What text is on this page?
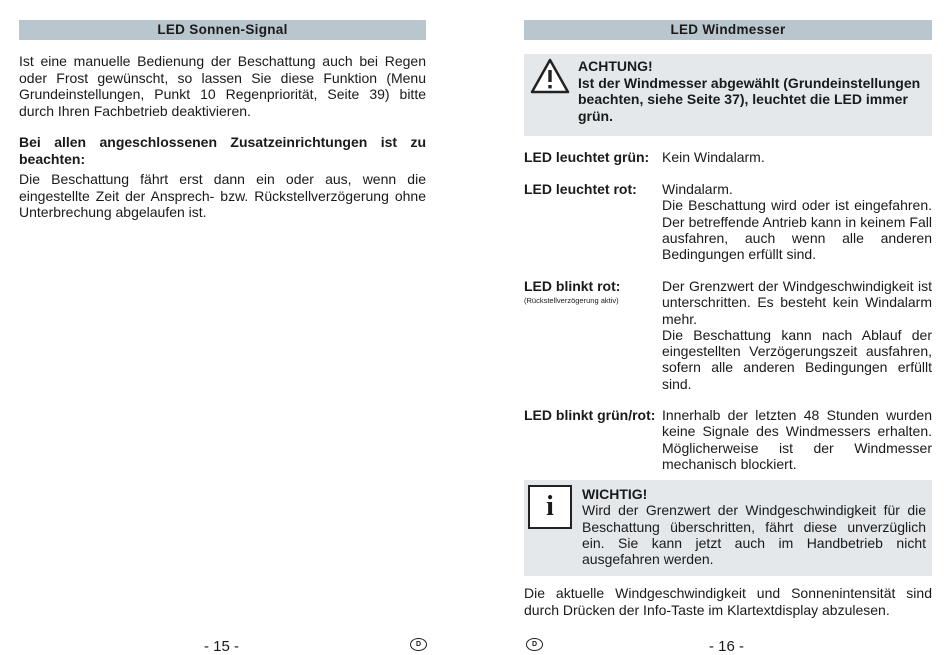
LED Sonnen-Signal

Ist eine manuelle Bedienung der Beschattung auch bei Regen oder Frost gewünscht, so lassen Sie diese Funktion (Menu Grundeinstellungen, Punkt 10 Regenpriorität, Seite 39) bitte durch Ihren Fachbetrieb deaktivieren.

Bei allen angeschlossenen Zusatzeinrichtungen ist zu beachten:

Die Beschattung fährt erst dann ein oder aus, wenn die eingestellte Zeit der Ansprech- bzw. Rückstellverzögerung ohne Unterbrechung abgelaufen ist.

- 15 -	D
LED Windmesser
ACHTUNG!
Ist der Windmesser abgewählt (Grundeinstellungen beachten, siehe Seite 37), leuchtet die LED immer grün.
LED leuchtet grün: Kein Windalarm.
LED leuchtet rot: Windalarm.
Die Beschattung wird oder ist eingefahren. Der betreffende Antrieb kann in keinem Fall ausfahren, auch wenn alle anderen Bedingungen erfüllt sind.
LED blinkt rot:
(Rückstellverzögerung aktiv)
Der Grenzwert der Windgeschwindigkeit ist unterschritten. Es besteht kein Windalarm mehr.
Die Beschattung kann nach Ablauf der eingestellten Verzögerungszeit ausfahren, sofern alle anderen Bedingungen erfüllt sind.
LED blinkt grün/rot: Innerhalb der letzten 48 Stunden wurden keine Signale des Windmessers erhalten. Möglicherweise ist der Windmesser mechanisch blockiert.
i	WICHTIG!
Wird der Grenzwert der Windgeschwindigkeit für die Beschattung überschritten, fährt diese unverzüglich ein. Sie kann jetzt auch im Handbetrieb nicht ausgefahren werden.

Die aktuelle Windgeschwindigkeit und Sonnenintensität sind durch Drücken der Info-Taste im Klartextdisplay abzulesen.

D	- 16 -
